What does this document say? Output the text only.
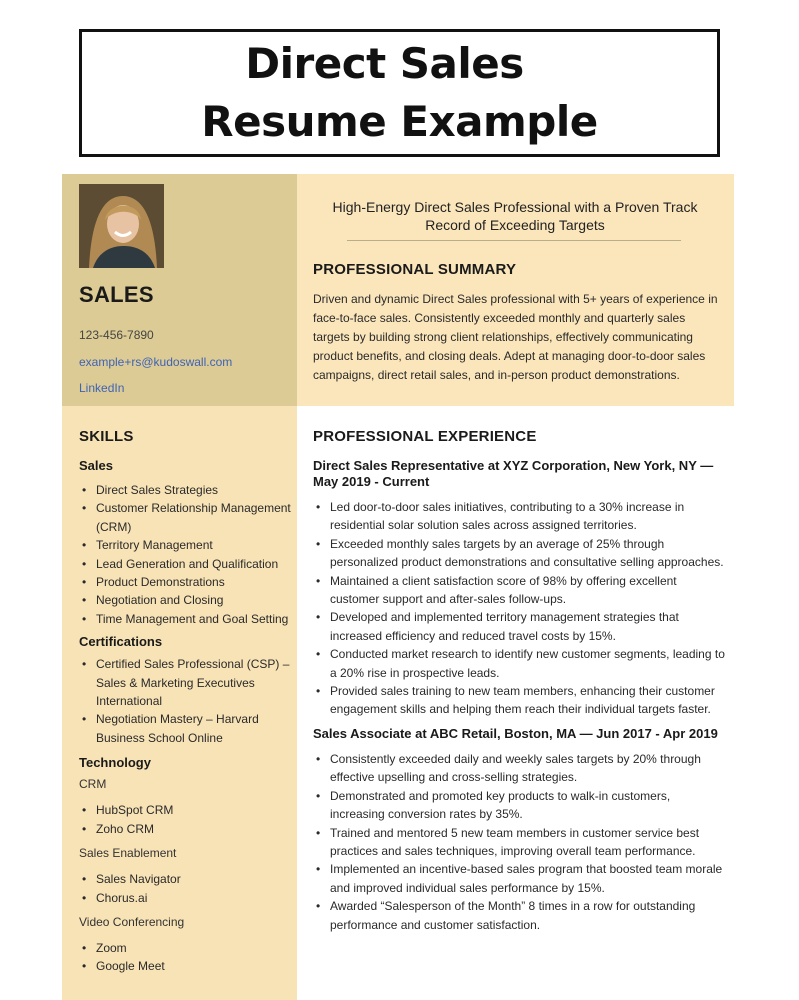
Direct Sales
Resume Example
SALES
123-456-7890
example+rs@kudoswall.com
LinkedIn
SKILLS
Sales
• Direct Sales Strategies
• Customer Relationship Management (CRM)
• Territory Management
• Lead Generation and Qualification
• Product Demonstrations
• Negotiation and Closing
• Time Management and Goal Setting
Certifications
• Certified Sales Professional (CSP) – Sales & Marketing Executives International
• Negotiation Mastery – Harvard Business School Online
Technology
CRM
• HubSpot CRM
• Zoho CRM
Sales Enablement
• Sales Navigator
• Chorus.ai
Video Conferencing
• Zoom
• Google Meet
High-Energy Direct Sales Professional with a Proven Track Record of Exceeding Targets
PROFESSIONAL SUMMARY
Driven and dynamic Direct Sales professional with 5+ years of experience in face-to-face sales. Consistently exceeded monthly and quarterly sales targets by building strong client relationships, effectively communicating product benefits, and closing deals. Adept at managing door-to-door sales campaigns, direct retail sales, and in-person product demonstrations.
PROFESSIONAL EXPERIENCE
Direct Sales Representative at XYZ Corporation, New York, NY — May 2019 - Current
• Led door-to-door sales initiatives, contributing to a 30% increase in residential solar solution sales across assigned territories.
• Exceeded monthly sales targets by an average of 25% through personalized product demonstrations and consultative selling approaches.
• Maintained a client satisfaction score of 98% by offering excellent customer support and after-sales follow-ups.
• Developed and implemented territory management strategies that increased efficiency and reduced travel costs by 15%.
• Conducted market research to identify new customer segments, leading to a 20% rise in prospective leads.
• Provided sales training to new team members, enhancing their customer engagement skills and helping them reach their individual targets faster.
Sales Associate at ABC Retail, Boston, MA — Jun 2017 - Apr 2019
• Consistently exceeded daily and weekly sales targets by 20% through effective upselling and cross-selling strategies.
• Demonstrated and promoted key products to walk-in customers, increasing conversion rates by 35%.
• Trained and mentored 5 new team members in customer service best practices and sales techniques, improving overall team performance.
• Implemented an incentive-based sales program that boosted team morale and improved individual sales performance by 15%.
• Awarded “Salesperson of the Month” 8 times in a row for outstanding performance and customer satisfaction.
